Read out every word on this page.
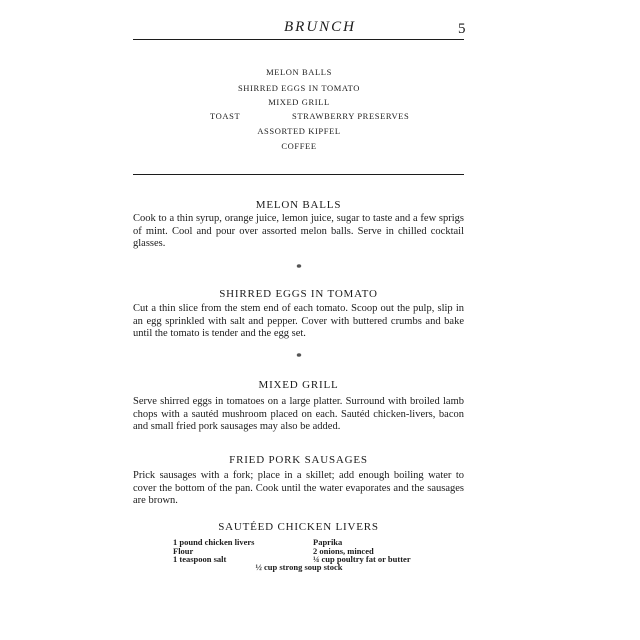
BRUNCH	5
MELON BALLS
SHIRRED EGGS IN TOMATO
MIXED GRILL
TOAST	STRAWBERRY PRESERVES
ASSORTED KIPFEL
COFFEE
MELON BALLS

Cook to a thin syrup, orange juice, lemon juice, sugar to taste and a few sprigs of mint. Cool and pour over assorted melon balls. Serve in chilled cocktail glasses.

*
SHIRRED EGGS IN TOMATO

Cut a thin slice from the stem end of each tomato. Scoop out the pulp, slip in an egg sprinkled with salt and pepper. Cover with buttered crumbs and bake until the tomato is tender and the egg set.

*
MIXED GRILL

Serve shirred eggs in tomatoes on a large platter. Surround with broiled lamb chops with a sautéd mushroom placed on each. Sautéd chicken-livers, bacon and small fried pork sausages may also be added.

FRIED PORK SAUSAGES

Prick sausages with a fork; place in a skillet; add enough boiling water to cover the bottom of the pan. Cook until the water evaporates and the sausages are brown.

SAUTÉED CHICKEN LIVERS
1 pound chicken livers
Flour
1 teaspoon salt
Paprika
2 onions, minced
¼ cup poultry fat or butter
½ cup strong soup stock
